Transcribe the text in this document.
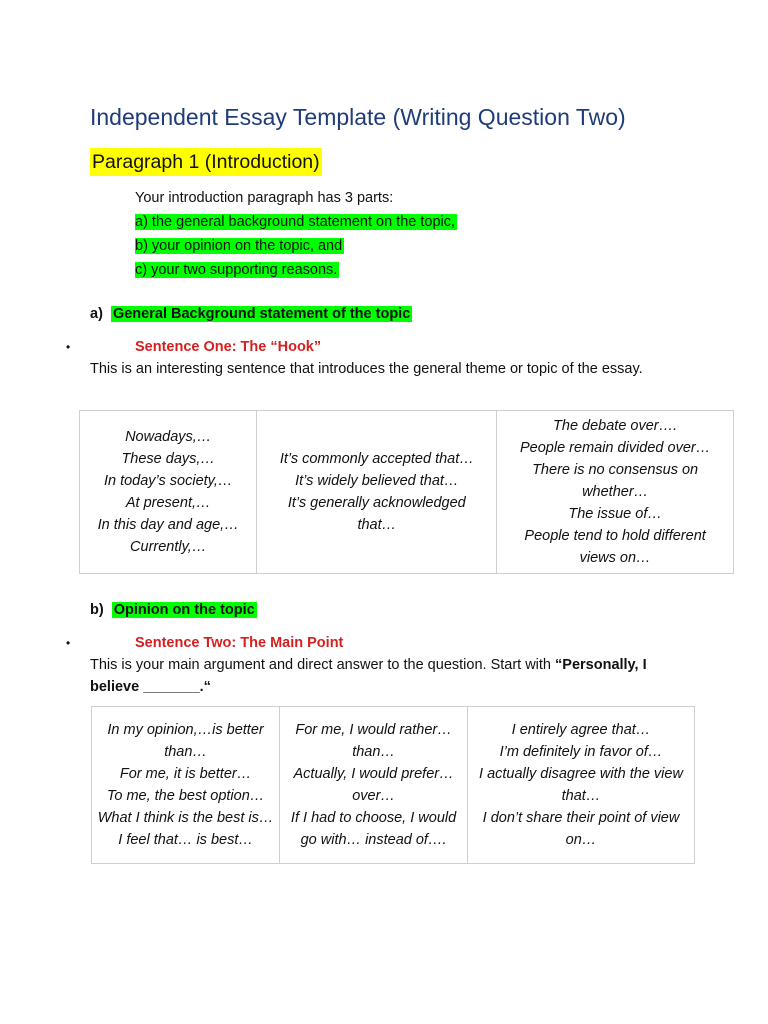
Independent Essay Template (Writing Question Two)
Paragraph 1 (Introduction)
Your introduction paragraph has 3 parts:
a) the general background statement on the topic,
b) your opinion on the topic, and
c) your two supporting reasons.
a) General Background statement of the topic
•	Sentence One: The “Hook”
This is an interesting sentence that introduces the general theme or topic of the essay.
Nowadays,…
These days,…
In today’s society,…
At present,…
In this day and age,…
Currently,…

It’s commonly accepted that…
It’s widely believed that…
It’s generally acknowledged that…

The debate over….
People remain divided over…
There is no consensus on whether…
The issue of…
People tend to hold different views on…
b) Opinion on the topic
•	Sentence Two: The Main Point
This is your main argument and direct answer to the question. Start with “Personally, I believe _______.“
In my opinion,…is better than…
For me, it is better…
To me, the best option…
What I think is the best is…
I feel that… is best…

For me, I would rather… than…
Actually, I would prefer… over…
If I had to choose, I would go with… instead of….

I entirely agree that…
I’m definitely in favor of…
I actually disagree with the view that…
I don’t share their point of view on…
